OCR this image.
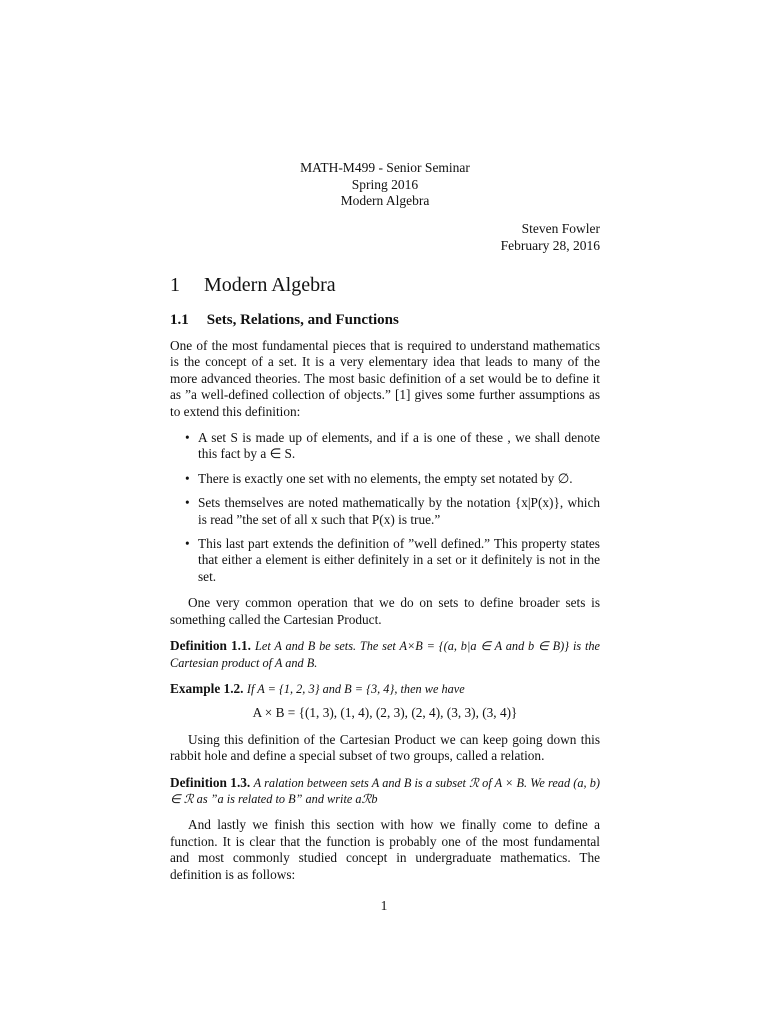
MATH-M499 - Senior Seminar
Spring 2016
Modern Algebra
Steven Fowler
February 28, 2016
1 Modern Algebra
1.1 Sets, Relations, and Functions

One of the most fundamental pieces that is required to understand mathematics is the concept of a set. It is a very elementary idea that leads to many of the more advanced theories. The most basic definition of a set would be to define it as ”a well-defined collection of objects.” [1] gives some further assumptions as to extend this definition:

• A set S is made up of elements, and if a is one of these , we shall denote this fact by a ∈ S.
• There is exactly one set with no elements, the empty set notated by ∅.
• Sets themselves are noted mathematically by the notation {x|P(x)}, which is read ”the set of all x such that P(x) is true.”
• This last part extends the definition of ”well defined.” This property states that either a element is either definitely in a set or it definitely is not in the set.

One very common operation that we do on sets to define broader sets is something called the Cartesian Product.

Definition 1.1. Let A and B be sets. The set A×B = {(a, b|a ∈ A and b ∈ B)} is the Cartesian product of A and B.

Example 1.2. If A = {1, 2, 3} and B = {3, 4}, then we have

A × B = {(1, 3), (1, 4), (2, 3), (2, 4), (3, 3), (3, 4)}

Using this definition of the Cartesian Product we can keep going down this rabbit hole and define a special subset of two groups, called a relation.

Definition 1.3. A ralation between sets A and B is a subset ℛ of A × B. We read (a, b) ∈ ℛ as ”a is related to B” and write aℛb

And lastly we finish this section with how we finally come to define a function. It is clear that the function is probably one of the most fundamental and most commonly studied concept in undergraduate mathematics. The definition is as follows:

1
